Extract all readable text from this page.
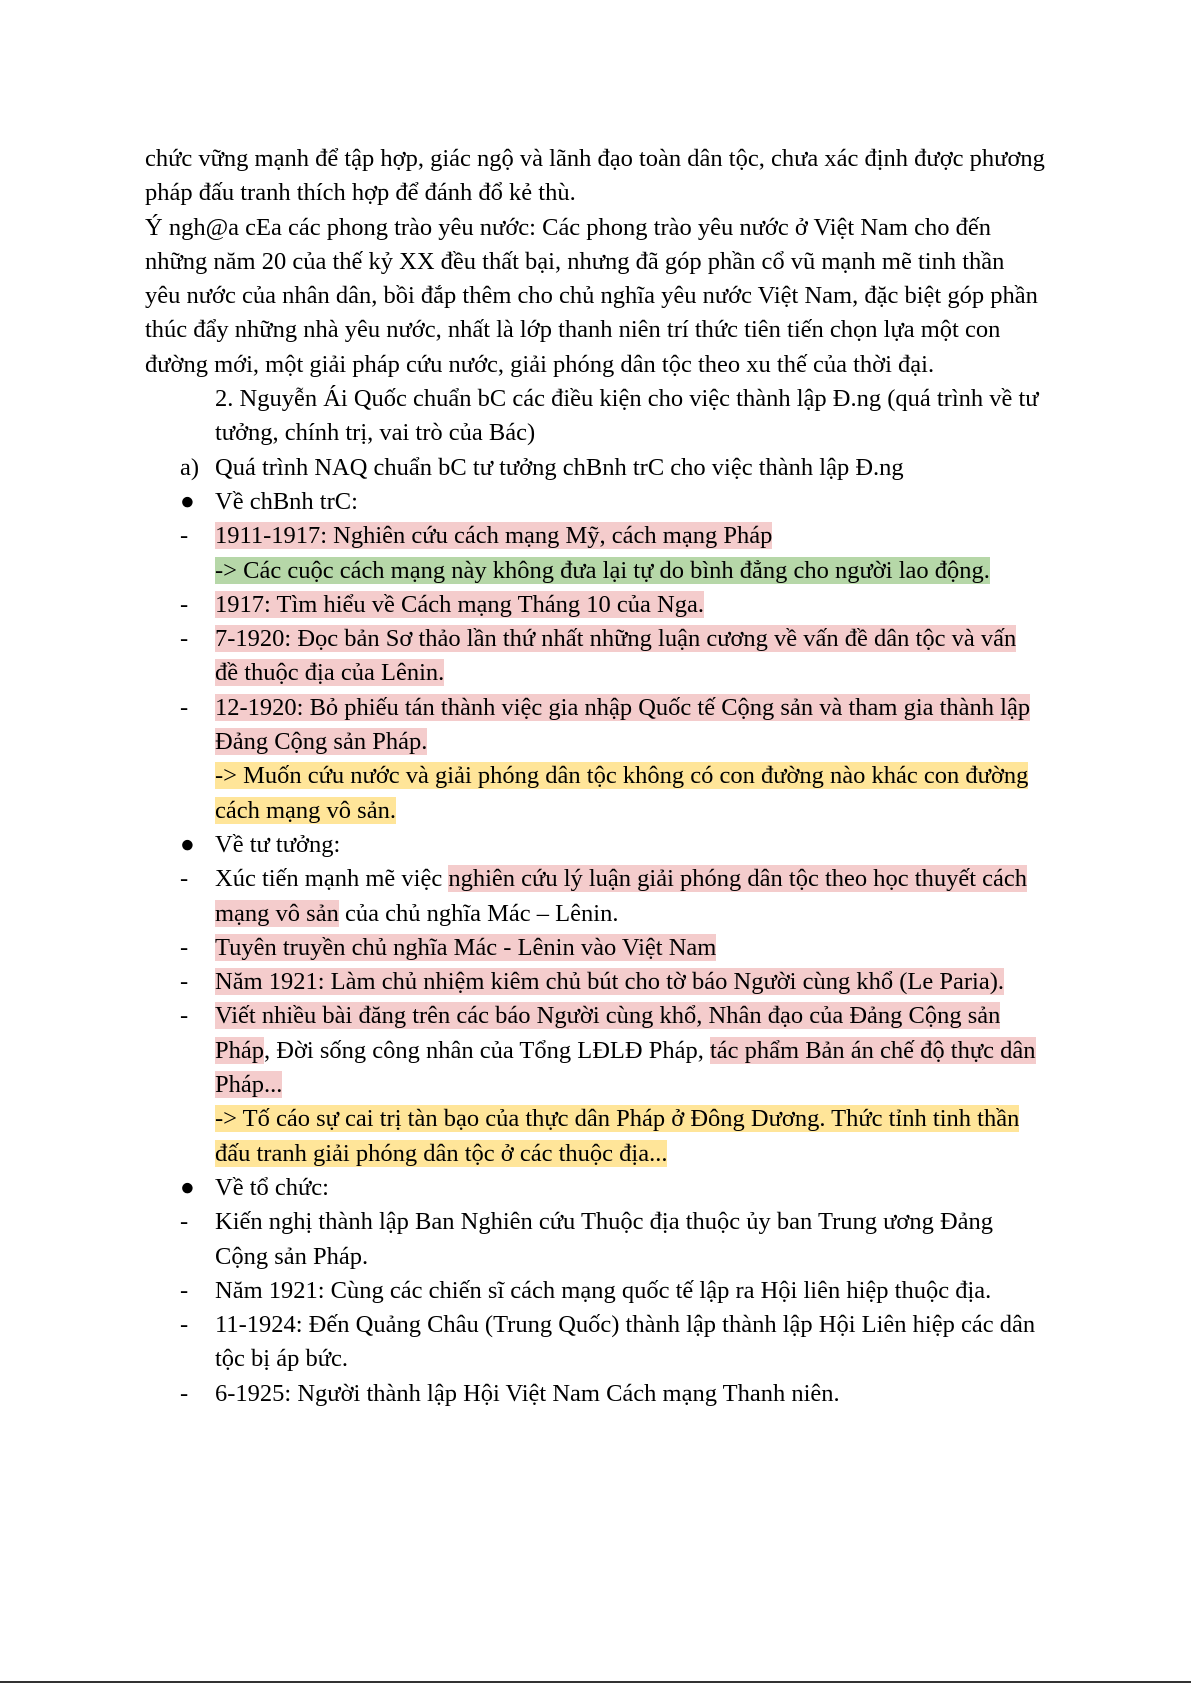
chức vững mạnh để tập hợp, giác ngộ và lãnh đạo toàn dân tộc, chưa xác định được phương pháp đấu tranh thích hợp để đánh đổ kẻ thù.

Ý ngh@a cEa các phong trào yêu nước: Các phong trào yêu nước ở Việt Nam cho đến những năm 20 của thế kỷ XX đều thất bại, nhưng đã góp phần cổ vũ mạnh mẽ tinh thần yêu nước của nhân dân, bồi đắp thêm cho chủ nghĩa yêu nước Việt Nam, đặc biệt góp phần thúc đẩy những nhà yêu nước, nhất là lớp thanh niên trí thức tiên tiến chọn lựa một con đường mới, một giải pháp cứu nước, giải phóng dân tộc theo xu thế của thời đại.

2. Nguyễn Ái Quốc chuẩn bC các điều kiện cho việc thành lập Đ.ng (quá trình về tư tưởng, chính trị, vai trò của Bác)

a) Quá trình NAQ chuẩn bC tư tưởng chBnh trC cho việc thành lập Đ.ng
● Về chBnh trC:
-	1911-1917: Nghiên cứu cách mạng Mỹ, cách mạng Pháp
-> Các cuộc cách mạng này không đưa lại tự do bình đẳng cho người lao động.
-	1917: Tìm hiểu về Cách mạng Tháng 10 của Nga.
-	7-1920: Đọc bản Sơ thảo lần thứ nhất những luận cương về vấn đề dân tộc và vấn đề thuộc địa của Lênin.
-	12-1920: Bỏ phiếu tán thành việc gia nhập Quốc tế Cộng sản và tham gia thành lập Đảng Cộng sản Pháp.
-> Muốn cứu nước và giải phóng dân tộc không có con đường nào khác con đường cách mạng vô sản.
● Về tư tưởng:
-	Xúc tiến mạnh mẽ việc nghiên cứu lý luận giải phóng dân tộc theo học thuyết cách mạng vô sản của chủ nghĩa Mác – Lênin.
-	Tuyên truyền chủ nghĩa Mác - Lênin vào Việt Nam
-	Năm 1921: Làm chủ nhiệm kiêm chủ bút cho tờ báo Người cùng khổ (Le Paria).
-	Viết nhiều bài đăng trên các báo Người cùng khổ, Nhân đạo của Đảng Cộng sản Pháp, Đời sống công nhân của Tổng LĐLĐ Pháp, tác phẩm Bản án chế độ thực dân Pháp...
-> Tố cáo sự cai trị tàn bạo của thực dân Pháp ở Đông Dương. Thức tỉnh tinh thần đấu tranh giải phóng dân tộc ở các thuộc địa...
● Về tổ chức:
-	Kiến nghị thành lập Ban Nghiên cứu Thuộc địa thuộc ủy ban Trung ương Đảng Cộng sản Pháp.
-	Năm 1921: Cùng các chiến sĩ cách mạng quốc tế lập ra Hội liên hiệp thuộc địa.
-	11-1924: Đến Quảng Châu (Trung Quốc) thành lập thành lập Hội Liên hiệp các dân tộc bị áp bức.
-	6-1925: Người thành lập Hội Việt Nam Cách mạng Thanh niên.
